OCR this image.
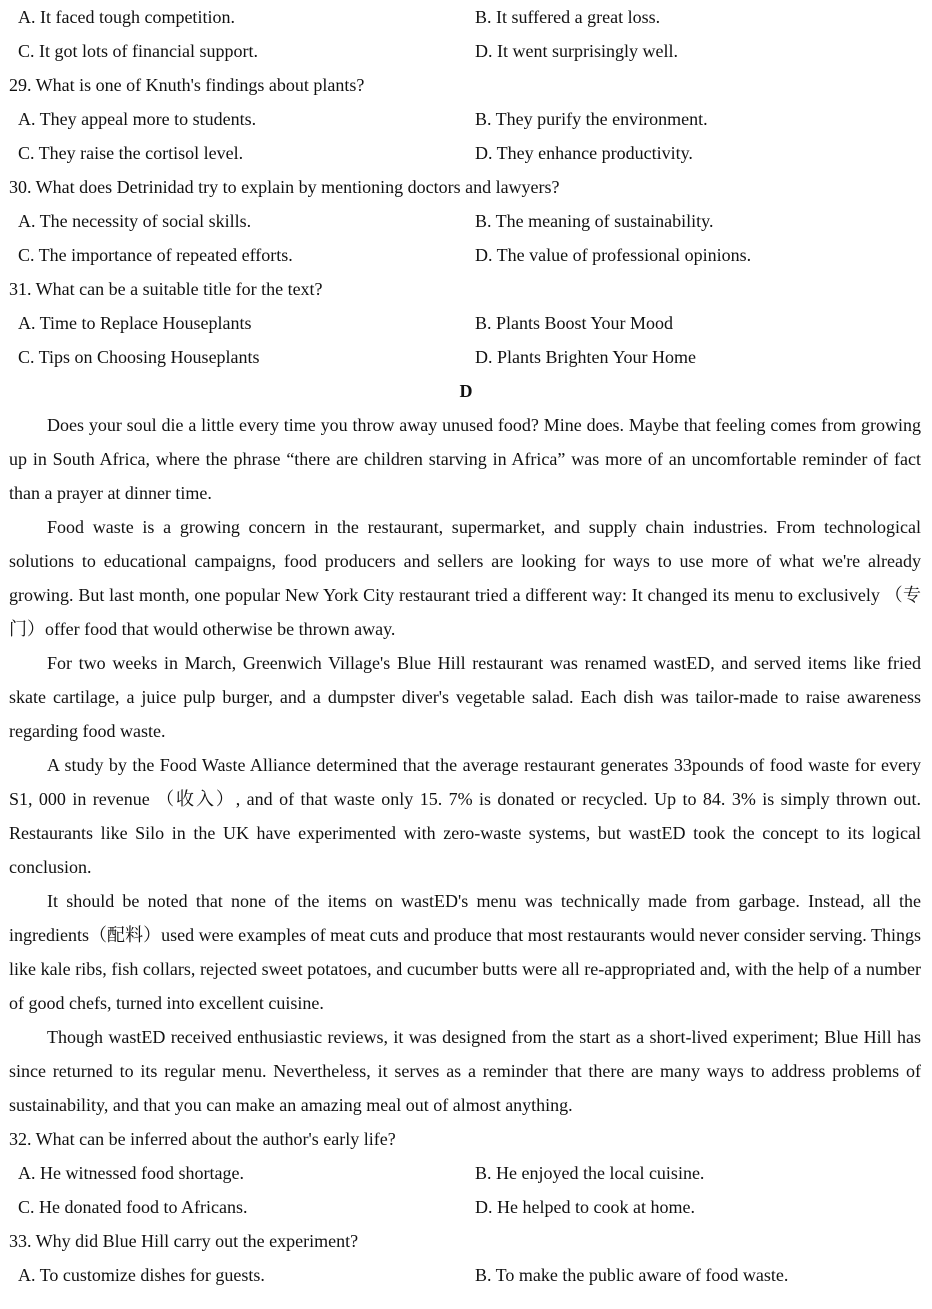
A. It faced tough competition.	B. It suffered a great loss.
C. It got lots of financial support.	D. It went surprisingly well.
29. What is one of Knuth's findings about plants?
A. They appeal more to students.	B. They purify the environment.
C. They raise the cortisol level.	D. They enhance productivity.
30. What does Detrinidad try to explain by mentioning doctors and lawyers?
A. The necessity of social skills.	B. The meaning of sustainability.
C. The importance of repeated efforts.	D. The value of professional opinions.
31. What can be a suitable title for the text?
A. Time to Replace Houseplants	B. Plants Boost Your Mood
C. Tips on Choosing Houseplants	D. Plants Brighten Your Home
D
Does your soul die a little every time you throw away unused food? Mine does. Maybe that feeling comes from growing up in South Africa, where the phrase “there are children starving in Africa” was more of an uncomfortable reminder of fact than a prayer at dinner time.
Food waste is a growing concern in the restaurant, supermarket, and supply chain industries. From technological solutions to educational campaigns, food producers and sellers are looking for ways to use more of what we're already growing. But last month, one popular New York City restaurant tried a different way: It changed its menu to exclusively （专门）offer food that would otherwise be thrown away.
For two weeks in March, Greenwich Village's Blue Hill restaurant was renamed wastED, and served items like fried skate cartilage, a juice pulp burger, and a dumpster diver's vegetable salad. Each dish was tailor-made to raise awareness regarding food waste.
A study by the Food Waste Alliance determined that the average restaurant generates 33pounds of food waste for every S1, 000 in revenue （收入）, and of that waste only 15. 7% is donated or recycled. Up to 84. 3% is simply thrown out. Restaurants like Silo in the UK have experimented with zero-waste systems, but wastED took the concept to its logical conclusion.
It should be noted that none of the items on wastED's menu was technically made from garbage. Instead, all the ingredients（配料）used were examples of meat cuts and produce that most restaurants would never consider serving. Things like kale ribs, fish collars, rejected sweet potatoes, and cucumber butts were all re-appropriated and, with the help of a number of good chefs, turned into excellent cuisine.
Though wastED received enthusiastic reviews, it was designed from the start as a short-lived experiment; Blue Hill has since returned to its regular menu. Nevertheless, it serves as a reminder that there are many ways to address problems of sustainability, and that you can make an amazing meal out of almost anything.
32. What can be inferred about the author's early life?
A. He witnessed food shortage.	B. He enjoyed the local cuisine.
C. He donated food to Africans.	D. He helped to cook at home.
33. Why did Blue Hill carry out the experiment?
A. To customize dishes for guests.	B. To make the public aware of food waste.
